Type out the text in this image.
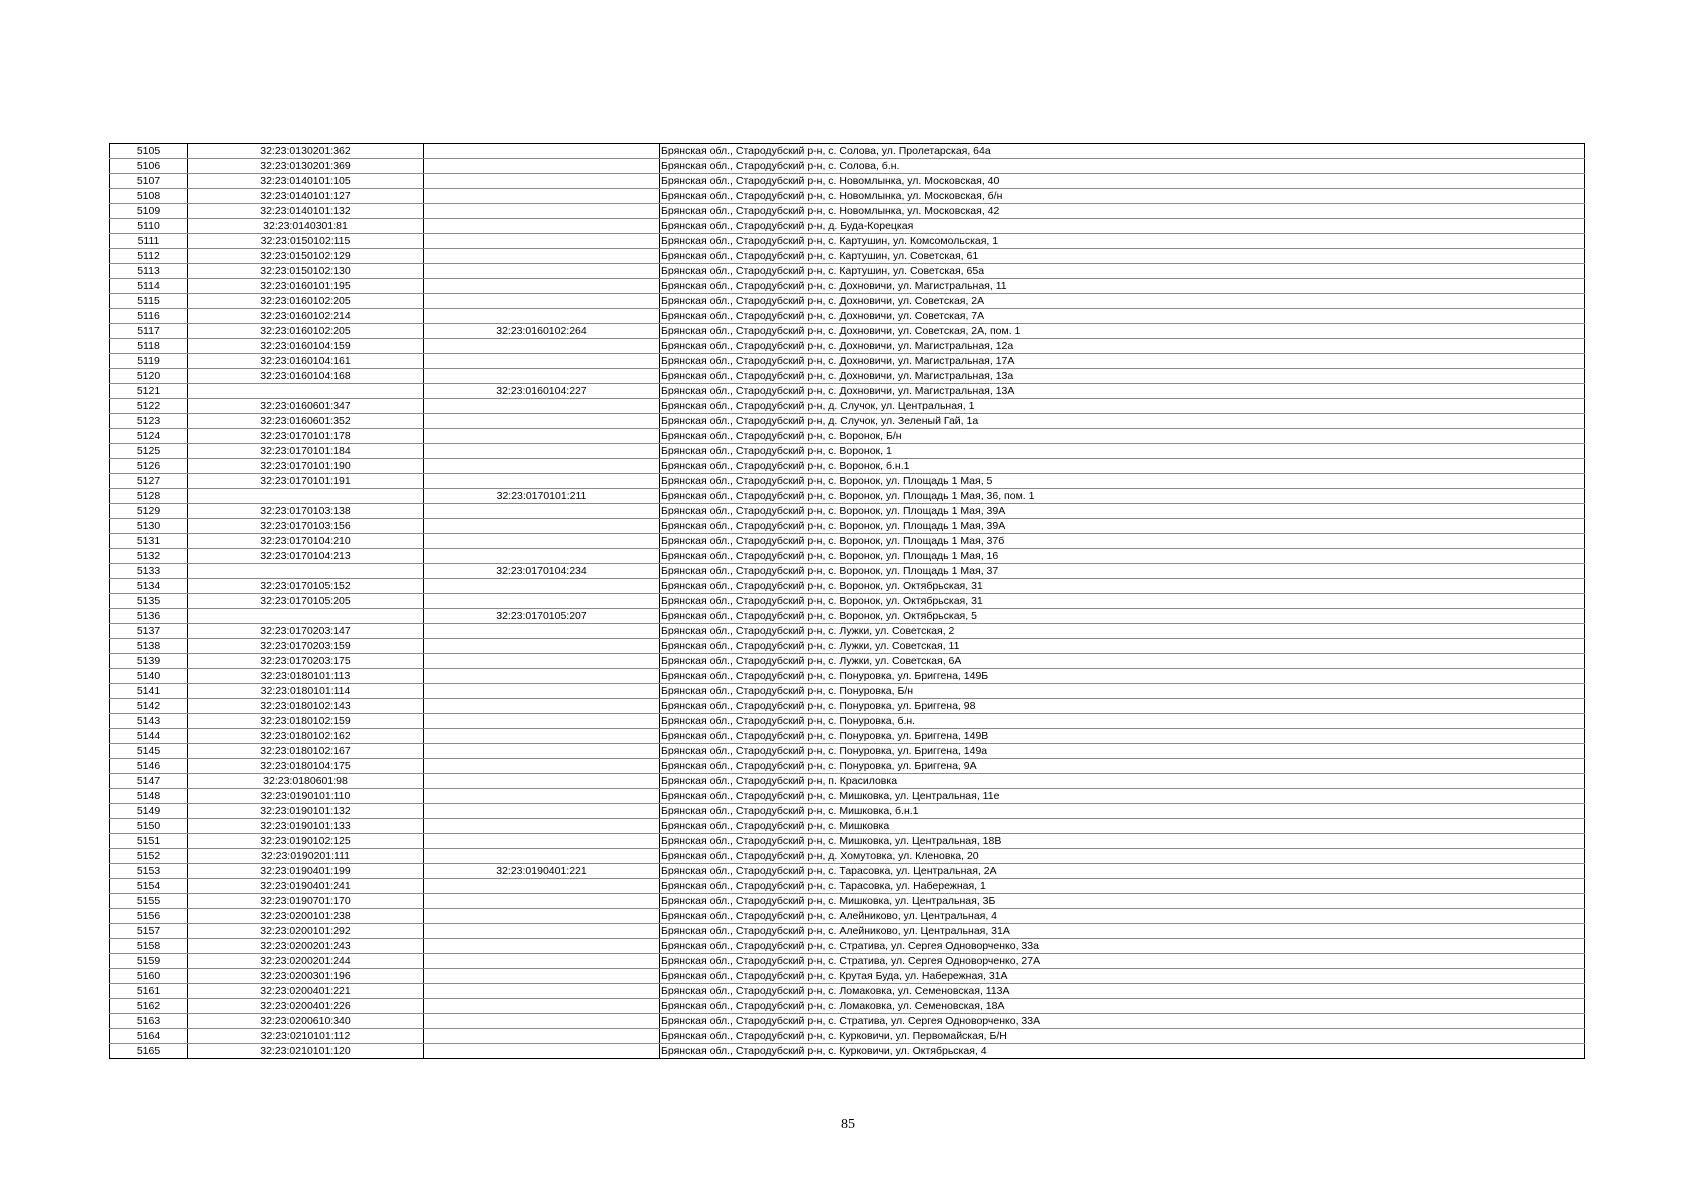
5105	32:23:0130201:362		Брянская обл., Стародубский р-н, с. Солова, ул. Пролетарская, 64а
5106	32:23:0130201:369		Брянская обл., Стародубский р-н, с. Солова, б.н.
5107	32:23:0140101:105		Брянская обл., Стародубский р-н, с. Новомлынка, ул. Московская, 40
5108	32:23:0140101:127		Брянская обл., Стародубский р-н, с. Новомлынка, ул. Московская, б/н
5109	32:23:0140101:132		Брянская обл., Стародубский р-н, с. Новомлынка, ул. Московская, 42
5110	32:23:0140301:81		Брянская обл., Стародубский р-н, д. Буда-Корецкая
5111	32:23:0150102:115		Брянская обл., Стародубский р-н, с. Картушин, ул. Комсомольская, 1
5112	32:23:0150102:129		Брянская обл., Стародубский р-н, с. Картушин, ул. Советская, 61
5113	32:23:0150102:130		Брянская обл., Стародубский р-н, с. Картушин, ул. Советская, 65а
5114	32:23:0160101:195		Брянская обл., Стародубский р-н, с. Дохновичи, ул. Магистральная, 11
5115	32:23:0160102:205		Брянская обл., Стародубский р-н, с. Дохновичи, ул. Советская, 2А
5116	32:23:0160102:214		Брянская обл., Стародубский р-н, с. Дохновичи, ул. Советская, 7А
5117	32:23:0160102:205	32:23:0160102:264	Брянская обл., Стародубский р-н, с. Дохновичи, ул. Советская, 2А, пом. 1
5118	32:23:0160104:159		Брянская обл., Стародубский р-н, с. Дохновичи, ул. Магистральная, 12а
5119	32:23:0160104:161		Брянская обл., Стародубский р-н, с. Дохновичи, ул. Магистральная, 17А
5120	32:23:0160104:168		Брянская обл., Стародубский р-н, с. Дохновичи, ул. Магистральная, 13а
5121		32:23:0160104:227	Брянская обл., Стародубский р-н, с. Дохновичи, ул. Магистральная, 13А
5122	32:23:0160601:347		Брянская обл., Стародубский р-н, д. Случок, ул. Центральная, 1
5123	32:23:0160601:352		Брянская обл., Стародубский р-н, д. Случок, ул. Зеленый Гай, 1а
5124	32:23:0170101:178		Брянская обл., Стародубский р-н, с. Воронок, Б/н
5125	32:23:0170101:184		Брянская обл., Стародубский р-н, с. Воронок, 1
5126	32:23:0170101:190		Брянская обл., Стародубский р-н, с. Воронок, б.н.1
5127	32:23:0170101:191		Брянская обл., Стародубский р-н, с. Воронок, ул. Площадь 1 Мая, 5
5128		32:23:0170101:211	Брянская обл., Стародубский р-н, с. Воронок, ул. Площадь 1 Мая, 36, пом. 1
5129	32:23:0170103:138		Брянская обл., Стародубский р-н, с. Воронок, ул. Площадь 1 Мая, 39А
5130	32:23:0170103:156		Брянская обл., Стародубский р-н, с. Воронок, ул. Площадь 1 Мая, 39А
5131	32:23:0170104:210		Брянская обл., Стародубский р-н, с. Воронок, ул. Площадь 1 Мая, 37б
5132	32:23:0170104:213		Брянская обл., Стародубский р-н, с. Воронок, ул. Площадь 1 Мая, 16
5133		32:23:0170104:234	Брянская обл., Стародубский р-н, с. Воронок, ул. Площадь 1 Мая, 37
5134	32:23:0170105:152		Брянская обл., Стародубский р-н, с. Воронок, ул. Октябрьская, 31
5135	32:23:0170105:205		Брянская обл., Стародубский р-н, с. Воронок, ул. Октябрьская, 31
5136		32:23:0170105:207	Брянская обл., Стародубский р-н, с. Воронок, ул. Октябрьская, 5
5137	32:23:0170203:147		Брянская обл., Стародубский р-н, с. Лужки, ул. Советская, 2
5138	32:23:0170203:159		Брянская обл., Стародубский р-н, с. Лужки, ул. Советская, 11
5139	32:23:0170203:175		Брянская обл., Стародубский р-н, с. Лужки, ул. Советская, 6А
5140	32:23:0180101:113		Брянская обл., Стародубский р-н, с. Понуровка, ул. Бриггена, 149Б
5141	32:23:0180101:114		Брянская обл., Стародубский р-н, с. Понуровка, Б/н
5142	32:23:0180102:143		Брянская обл., Стародубский р-н, с. Понуровка, ул. Бриггена, 98
5143	32:23:0180102:159		Брянская обл., Стародубский р-н, с. Понуровка, б.н.
5144	32:23:0180102:162		Брянская обл., Стародубский р-н, с. Понуровка, ул. Бриггена, 149В
5145	32:23:0180102:167		Брянская обл., Стародубский р-н, с. Понуровка, ул. Бриггена, 149а
5146	32:23:0180104:175		Брянская обл., Стародубский р-н, с. Понуровка, ул. Бриггена, 9А
5147	32:23:0180601:98		Брянская обл., Стародубский р-н, п. Красиловка
5148	32:23:0190101:110		Брянская обл., Стародубский р-н, с. Мишковка, ул. Центральная, 11е
5149	32:23:0190101:132		Брянская обл., Стародубский р-н, с. Мишковка, б.н.1
5150	32:23:0190101:133		Брянская обл., Стародубский р-н, с. Мишковка
5151	32:23:0190102:125		Брянская обл., Стародубский р-н, с. Мишковка, ул. Центральная, 18В
5152	32:23:0190201:111		Брянская обл., Стародубский р-н, д. Хомутовка, ул. Кленовка, 20
5153	32:23:0190401:199	32:23:0190401:221	Брянская обл., Стародубский р-н, с. Тарасовка, ул. Центральная, 2А
5154	32:23:0190401:241		Брянская обл., Стародубский р-н, с. Тарасовка, ул. Набережная, 1
5155	32:23:0190701:170		Брянская обл., Стародубский р-н, с. Мишковка, ул. Центральная, 3Б
5156	32:23:0200101:238		Брянская обл., Стародубский р-н, с. Алейниково, ул. Центральная, 4
5157	32:23:0200101:292		Брянская обл., Стародубский р-н, с. Алейниково, ул. Центральная, 31А
5158	32:23:0200201:243		Брянская обл., Стародубский р-н, с. Стратива, ул. Сергея Одноворченко, 33а
5159	32:23:0200201:244		Брянская обл., Стародубский р-н, с. Стратива, ул. Сергея Одноворченко, 27А
5160	32:23:0200301:196		Брянская обл., Стародубский р-н, с. Крутая Буда, ул. Набережная, 31А
5161	32:23:0200401:221		Брянская обл., Стародубский р-н, с. Ломаковка, ул. Семеновская, 113А
5162	32:23:0200401:226		Брянская обл., Стародубский р-н, с. Ломаковка, ул. Семеновская, 18А
5163	32:23:0200610:340		Брянская обл., Стародубский р-н, с. Стратива, ул. Сергея Одноворченко, 33А
5164	32:23:0210101:112		Брянская обл., Стародубский р-н, с. Курковичи, ул. Первомайская, Б/Н
5165	32:23:0210101:120		Брянская обл., Стародубский р-н, с. Курковичи, ул. Октябрьская, 4
85
